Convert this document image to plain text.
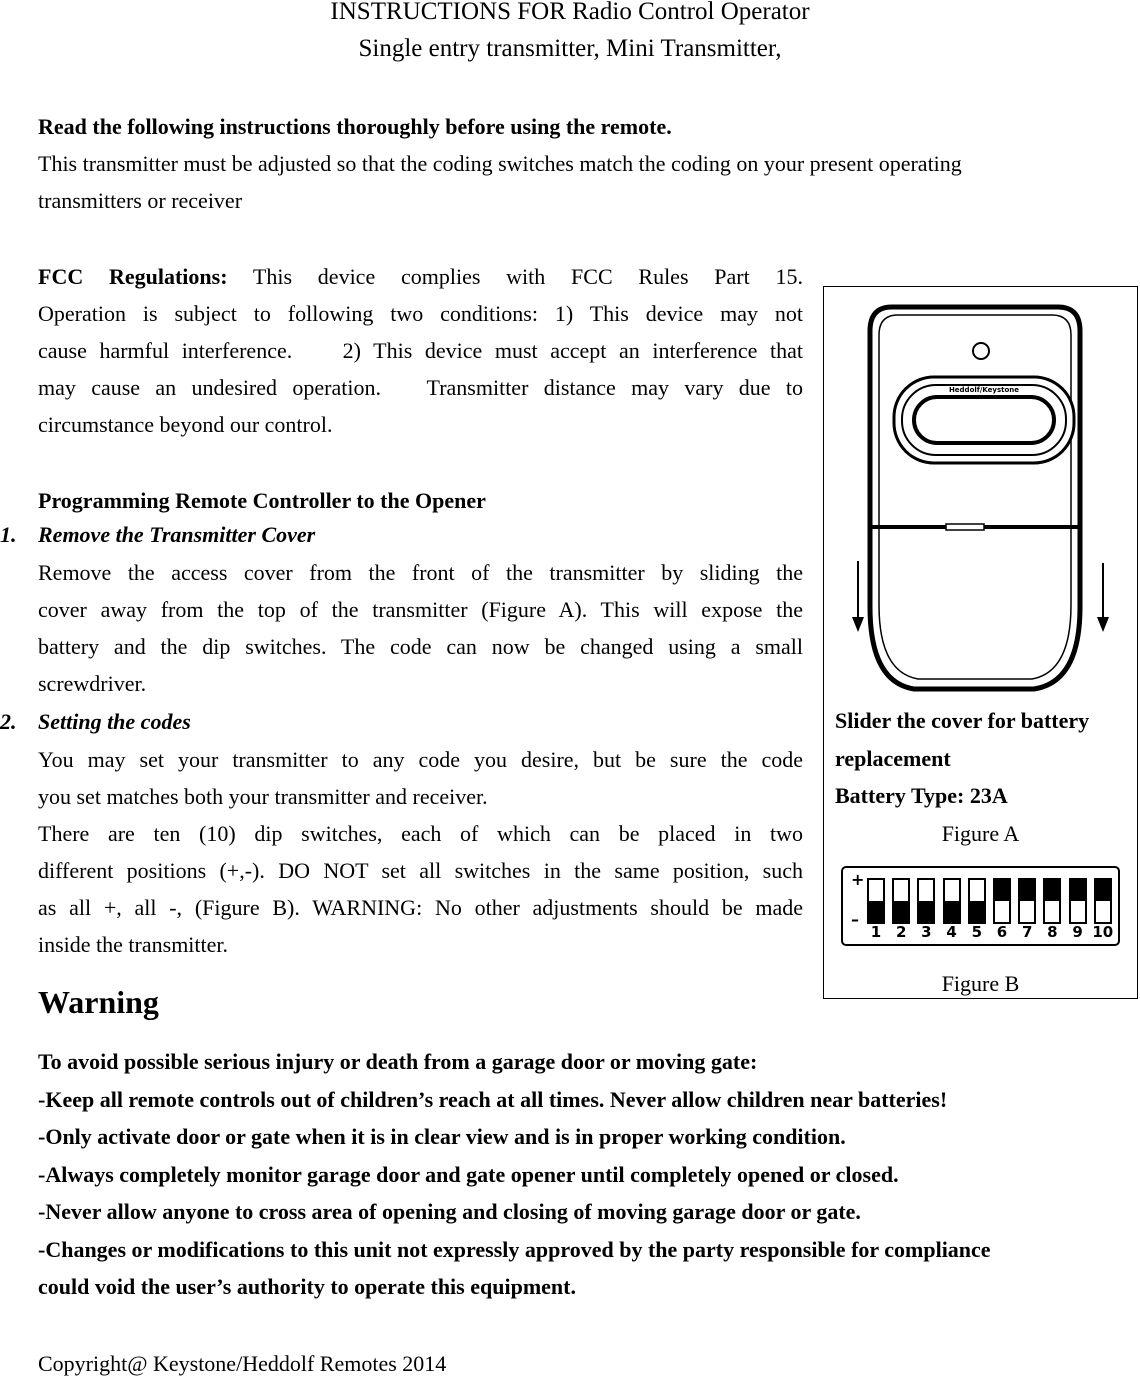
INSTRUCTIONS FOR Radio Control Operator
Single entry transmitter, Mini Transmitter,
Read the following instructions thoroughly before using the remote.
This transmitter must be adjusted so that the coding switches match the coding on your present operating
transmitters or receiver
FCC Regulations: This device complies with FCC Rules Part 15.
Operation is subject to following two conditions: 1) This device may not
cause harmful interference.    2) This device must accept an interference that
may cause an undesired operation.   Transmitter distance may vary due to
circumstance beyond our control.
Programming Remote Controller to the Opener
1. Remove the Transmitter Cover
Remove the access cover from the front of the transmitter by sliding the
cover away from the top of the transmitter (Figure A). This will expose the
battery and the dip switches. The code can now be changed using a small
screwdriver.
2. Setting the codes
You may set your transmitter to any code you desire, but be sure the code
you set matches both your transmitter and receiver.
There are ten (10) dip switches, each of which can be placed in two
different positions (+,-). DO NOT set all switches in the same position, such
as all +, all -, (Figure B). WARNING: No other adjustments should be made
inside the transmitter.
Heddolf/Keystone
Slider the cover for battery
replacement
Battery Type: 23A
Figure A
+
–
1 2 3 4 5 6 7 8 9 10
Figure B
Warning
To avoid possible serious injury or death from a garage door or moving gate:
-Keep all remote controls out of children’s reach at all times. Never allow children near batteries!
-Only activate door or gate when it is in clear view and is in proper working condition.
-Always completely monitor garage door and gate opener until completely opened or closed.
-Never allow anyone to cross area of opening and closing of moving garage door or gate.
-Changes or modifications to this unit not expressly approved by the party responsible for compliance
could void the user’s authority to operate this equipment.
Copyright@ Keystone/Heddolf Remotes 2014
